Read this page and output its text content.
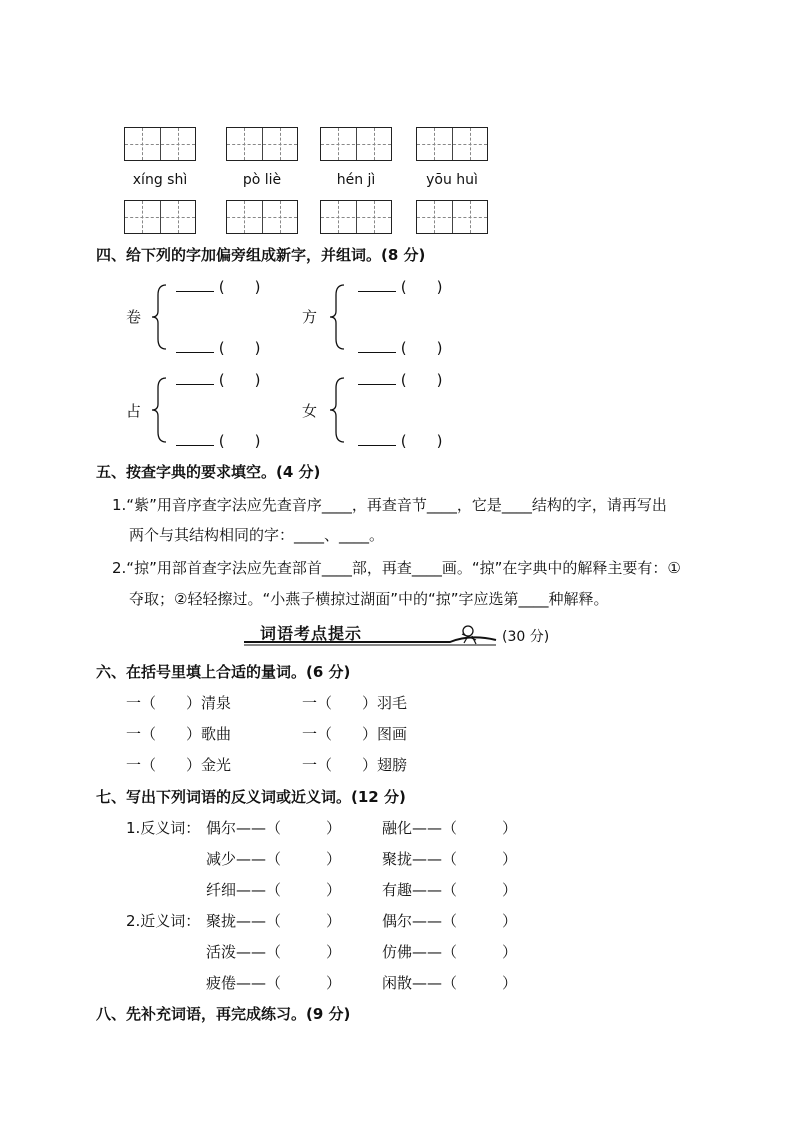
xíng shì	pò liè	hén jì	yōu huì
四、给下列的字加偏旁组成新字，并组词。(8 分)
卷
(　　)
(　　)
方
(　　)
(　　)
占
(　　)
(　　)
女
(　　)
(　　)
五、按查字典的要求填空。(4 分)
1.“紫”用音序查字法应先查音序____，再查音节____，它是____结构的字，请再写出
两个与其结构相同的字：____、____。
2.“掠”用部首查字法应先查部首____部，再查____画。“掠”在字典中的解释主要有：①
夺取；②轻轻擦过。“小燕子横掠过湖面”中的“掠”字应选第____种解释。
词语考点提示	(30 分)
六、在括号里填上合适的量词。(6 分)
一（　　）清泉	一（　　）羽毛
一（　　）歌曲	一（　　）图画
一（　　）金光	一（　　）翅膀
七、写出下列词语的反义词或近义词。(12 分)
1.反义词： 偶尔——（　　　）	融化——（　　　）
减少——（　　　）	聚拢——（　　　）
纤细——（　　　）	有趣——（　　　）
2.近义词： 聚拢——（　　　）	偶尔——（　　　）
活泼——（　　　）	仿佛——（　　　）
疲倦——（　　　）	闲散——（　　　）
八、先补充词语，再完成练习。(9 分)
